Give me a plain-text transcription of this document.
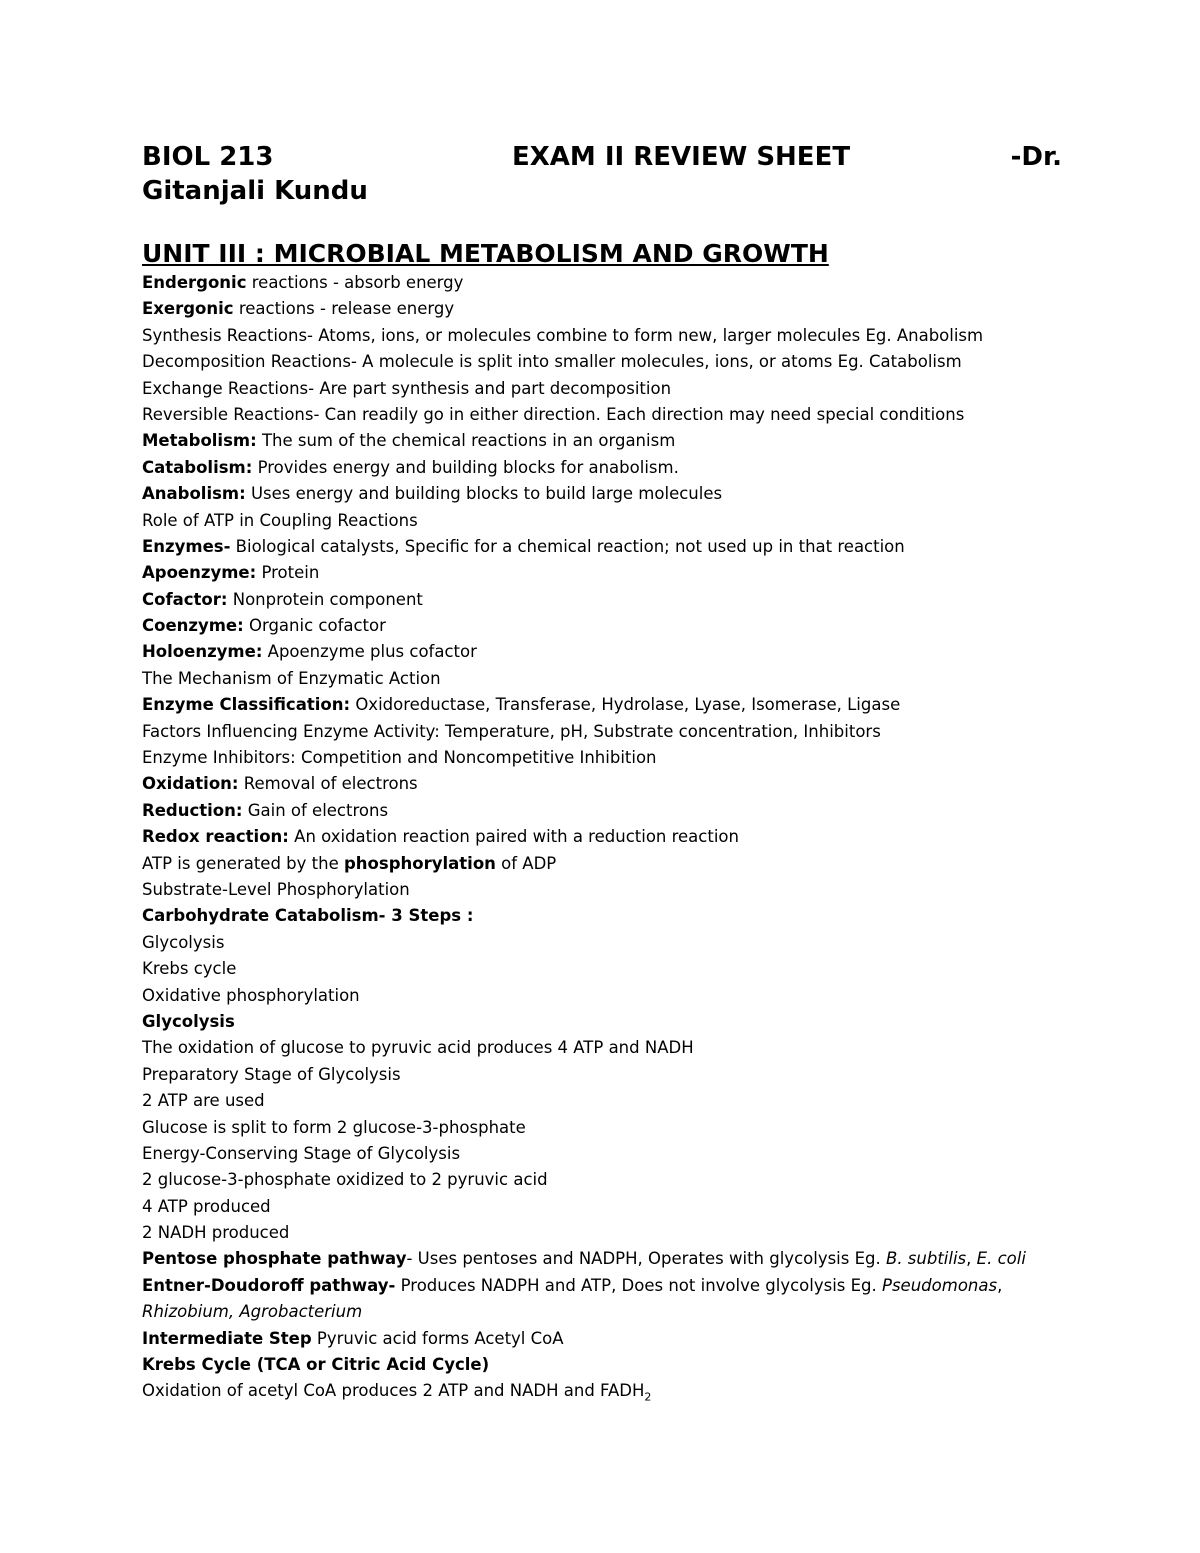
BIOL 213	EXAM II REVIEW SHEET	-Dr.
Gitanjali Kundu
UNIT III : MICROBIAL METABOLISM AND GROWTH
Endergonic reactions - absorb energy
Exergonic reactions - release energy
Synthesis Reactions- Atoms, ions, or molecules combine to form new, larger molecules Eg. Anabolism
Decomposition Reactions- A molecule is split into smaller molecules, ions, or atoms Eg. Catabolism
Exchange Reactions- Are part synthesis and part decomposition
Reversible Reactions- Can readily go in either direction. Each direction may need special conditions
Metabolism: The sum of the chemical reactions in an organism
Catabolism: Provides energy and building blocks for anabolism.
Anabolism: Uses energy and building blocks to build large molecules
Role of ATP in Coupling Reactions
Enzymes- Biological catalysts, Specific for a chemical reaction; not used up in that reaction
Apoenzyme: Protein
Cofactor: Nonprotein component
Coenzyme: Organic cofactor
Holoenzyme: Apoenzyme plus cofactor
The Mechanism of Enzymatic Action
Enzyme Classification: Oxidoreductase, Transferase, Hydrolase, Lyase, Isomerase, Ligase
Factors Influencing Enzyme Activity: Temperature, pH, Substrate concentration, Inhibitors
Enzyme Inhibitors: Competition and Noncompetitive Inhibition
Oxidation: Removal of electrons
Reduction: Gain of electrons
Redox reaction: An oxidation reaction paired with a reduction reaction
ATP is generated by the phosphorylation of ADP
Substrate-Level Phosphorylation
Carbohydrate Catabolism- 3 Steps :
Glycolysis
Krebs cycle
Oxidative phosphorylation
Glycolysis
The oxidation of glucose to pyruvic acid produces 4 ATP and NADH
Preparatory Stage of Glycolysis
2 ATP are used
Glucose is split to form 2 glucose-3-phosphate
Energy-Conserving Stage of Glycolysis
2 glucose-3-phosphate oxidized to 2 pyruvic acid
4 ATP produced
2 NADH produced
Pentose phosphate pathway- Uses pentoses and NADPH, Operates with glycolysis Eg. B. subtilis, E. coli
Entner-Doudoroff pathway- Produces NADPH and ATP, Does not involve glycolysis Eg. Pseudomonas,
Rhizobium, Agrobacterium
Intermediate Step Pyruvic acid forms Acetyl CoA
Krebs Cycle (TCA or Citric Acid Cycle)
Oxidation of acetyl CoA produces 2 ATP and NADH and $FADH_2$
